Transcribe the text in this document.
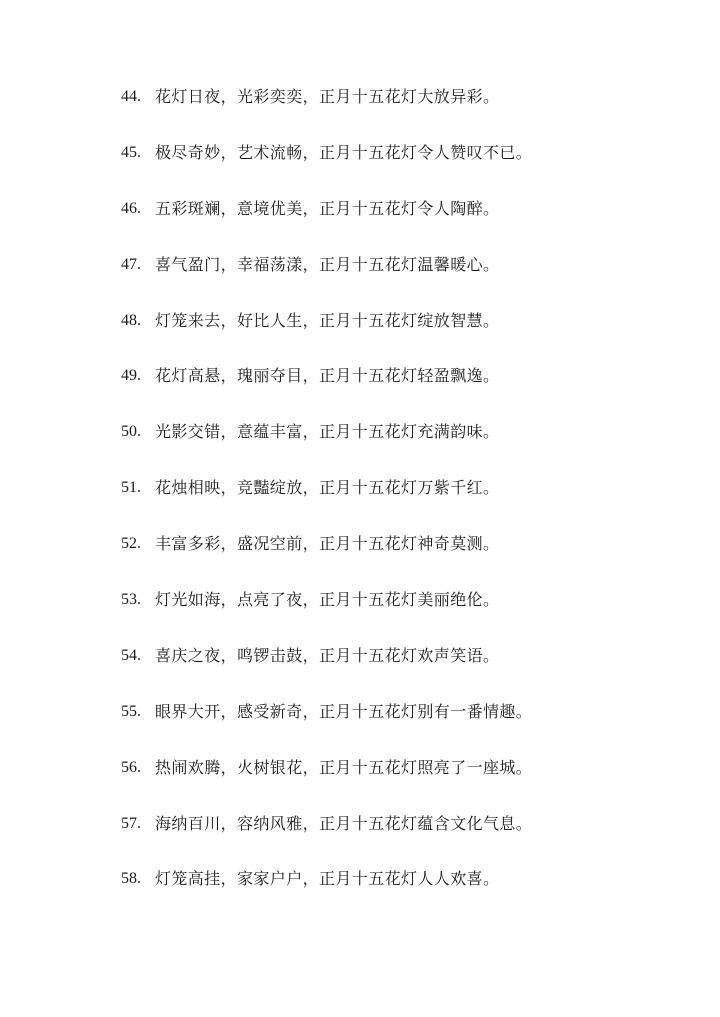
44. 花灯日夜，光彩奕奕，正月十五花灯大放异彩。
45. 极尽奇妙，艺术流畅，正月十五花灯令人赞叹不已。
46. 五彩斑斓，意境优美，正月十五花灯令人陶醉。
47. 喜气盈门，幸福荡漾，正月十五花灯温馨暖心。
48. 灯笼来去，好比人生，正月十五花灯绽放智慧。
49. 花灯高悬，瑰丽夺目，正月十五花灯轻盈飘逸。
50. 光影交错，意蕴丰富，正月十五花灯充满韵味。
51. 花烛相映，竞豔绽放，正月十五花灯万紫千红。
52. 丰富多彩，盛况空前，正月十五花灯神奇莫测。
53. 灯光如海，点亮了夜，正月十五花灯美丽绝伦。
54. 喜庆之夜，鸣锣击鼓，正月十五花灯欢声笑语。
55. 眼界大开，感受新奇，正月十五花灯别有一番情趣。
56. 热闹欢腾，火树银花，正月十五花灯照亮了一座城。
57. 海纳百川，容纳风雅，正月十五花灯蕴含文化气息。
58. 灯笼高挂，家家户户，正月十五花灯人人欢喜。
